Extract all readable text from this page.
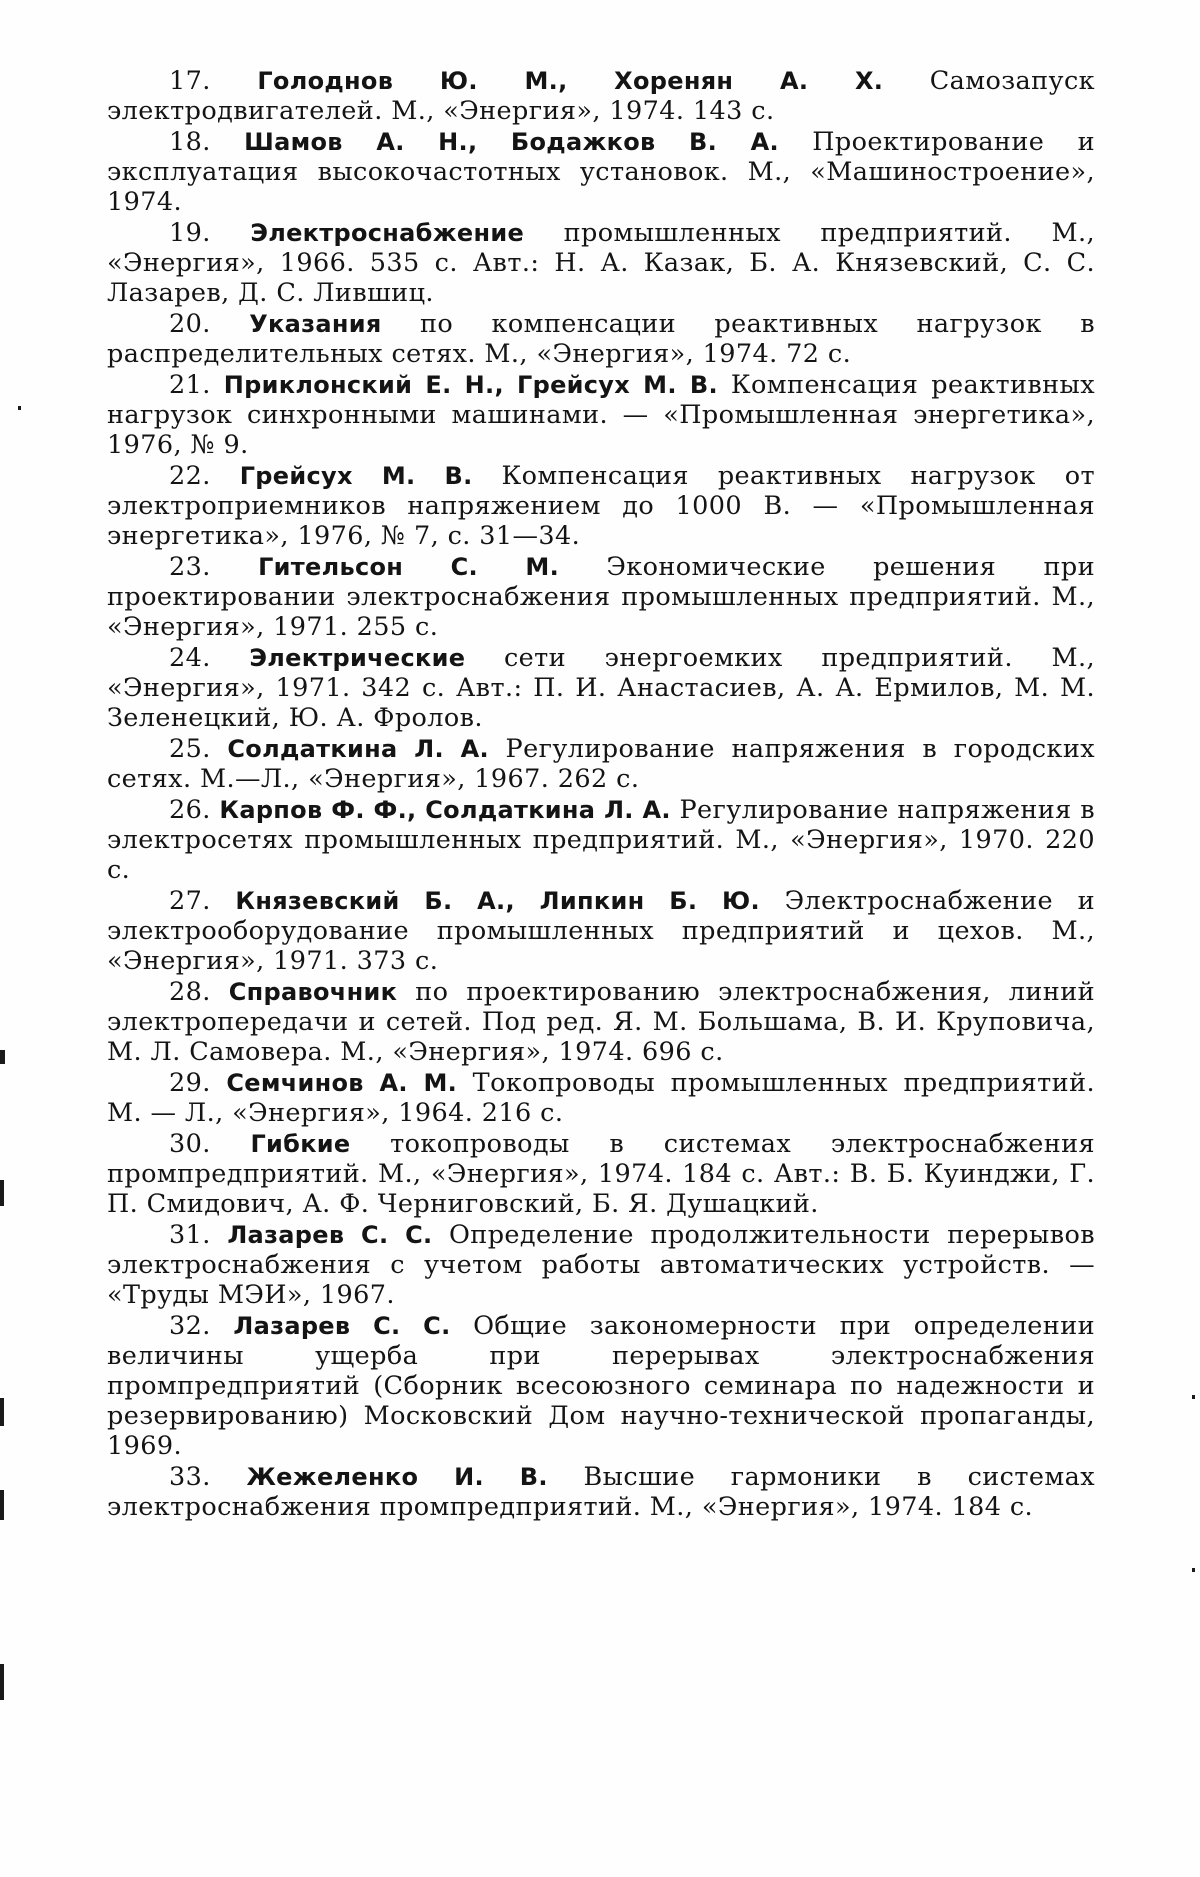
17. Голоднов Ю. М., Хоренян А. Х. Самозапуск электродвигателей. М., «Энергия», 1974. 143 с.

18. Шамов А. Н., Бодажков В. А. Проектирование и эксплуатация высокочастотных установок. М., «Машиностроение», 1974.

19. Электроснабжение промышленных предприятий. М., «Энергия», 1966. 535 с. Авт.: Н. А. Казак, Б. А. Князевский, С. С. Лазарев, Д. С. Лившиц.

20. Указания по компенсации реактивных нагрузок в распределительных сетях. М., «Энергия», 1974. 72 с.

21. Приклонский Е. Н., Грейсух М. В. Компенсация реактивных нагрузок синхронными машинами. — «Промышленная энергетика», 1976, № 9.

22. Грейсух М. В. Компенсация реактивных нагрузок от электроприемников напряжением до 1000 В. — «Промышленная энергетика», 1976, № 7, с. 31—34.

23. Гительсон С. М. Экономические решения при проектировании электроснабжения промышленных предприятий. М., «Энергия», 1971. 255 с.

24. Электрические сети энергоемких предприятий. М., «Энергия», 1971. 342 с. Авт.: П. И. Анастасиев, А. А. Ермилов, М. М. Зеленецкий, Ю. А. Фролов.

25. Солдаткина Л. А. Регулирование напряжения в городских сетях. М.—Л., «Энергия», 1967. 262 с.

26. Карпов Ф. Ф., Солдаткина Л. А. Регулирование напряжения в электросетях промышленных предприятий. М., «Энергия», 1970. 220 с.

27. Князевский Б. А., Липкин Б. Ю. Электроснабжение и электрооборудование промышленных предприятий и цехов. М., «Энергия», 1971. 373 с.

28. Справочник по проектированию электроснабжения, линий электропередачи и сетей. Под ред. Я. М. Большама, В. И. Круповича, М. Л. Самовера. М., «Энергия», 1974. 696 с.

29. Семчинов А. М. Токопроводы промышленных предприятий. М. — Л., «Энергия», 1964. 216 с.

30. Гибкие токопроводы в системах электроснабжения промпредприятий. М., «Энергия», 1974. 184 с. Авт.: В. Б. Куинджи, Г. П. Смидович, А. Ф. Черниговский, Б. Я. Душацкий.

31. Лазарев С. С. Определение продолжительности перерывов электроснабжения с учетом работы автоматических устройств. — «Труды МЭИ», 1967.

32. Лазарев С. С. Общие закономерности при определении величины ущерба при перерывах электроснабжения промпредприятий (Сборник всесоюзного семинара по надежности и резервированию) Московский Дом научно-технической пропаганды, 1969.

33. Жежеленко И. В. Высшие гармоники в системах электроснабжения промпредприятий. М., «Энергия», 1974. 184 с.
